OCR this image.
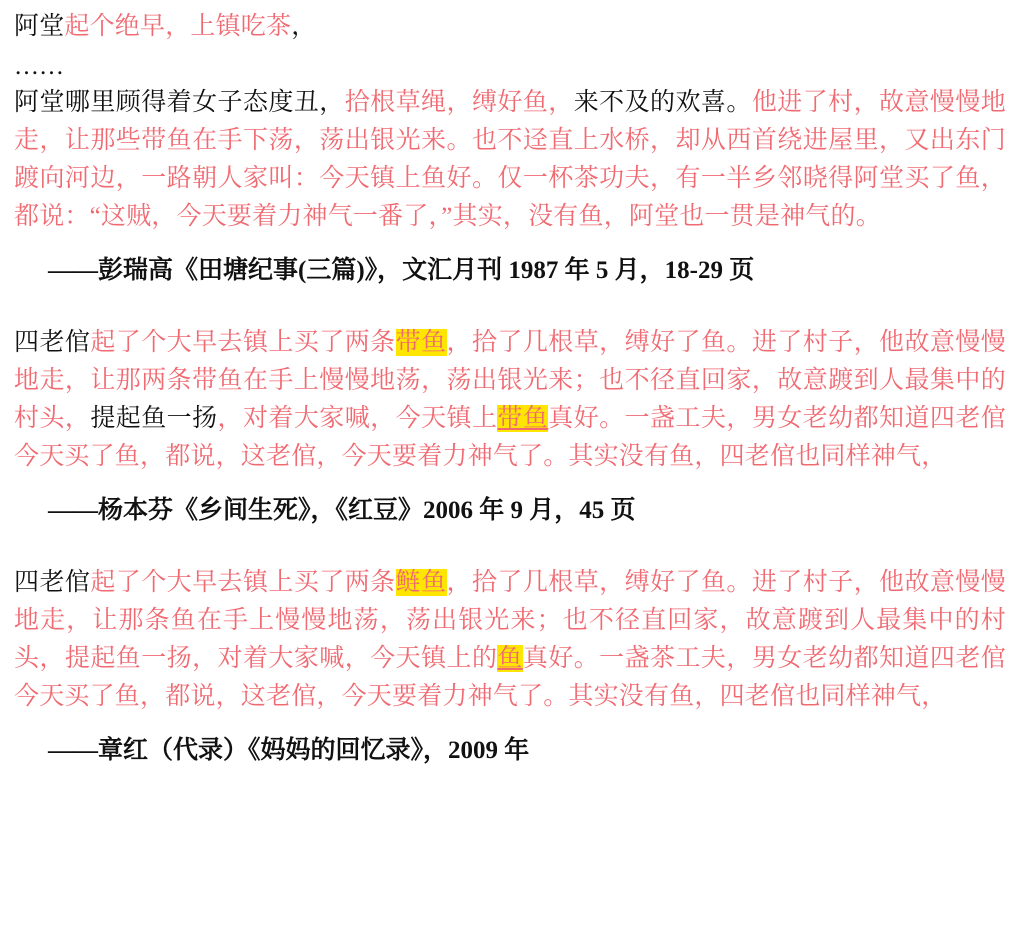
阿堂起个绝早，上镇吃茶，

……

阿堂哪里顾得着女子态度丑，拾根草绳，缚好鱼，来不及的欢喜。他进了村，故意慢慢地走，让那些带鱼在手下荡，荡出银光来。也不迳直上水桥，却从西首绕进屋里，又出东门踱向河边，一路朝人家叫：今天镇上鱼好。仅一杯茶功夫，有一半乡邻晓得阿堂买了鱼，都说：“这贼，今天要着力神气一番了，”其实，没有鱼，阿堂也一贯是神气的。

——彭瑞高《田塘纪事(三篇)》，文汇月刊 1987 年 5 月，18-29 页

四老倌起了个大早去镇上买了两条带鱼，拾了几根草，缚好了鱼。进了村子，他故意慢慢地走，让那两条带鱼在手上慢慢地荡，荡出银光来；也不径直回家，故意踱到人最集中的村头，提起鱼一扬，对着大家喊，今天镇上带鱼真好。一盏工夫，男女老幼都知道四老倌今天买了鱼，都说，这老倌，今天要着力神气了。其实没有鱼，四老倌也同样神气，

——杨本芬《乡间生死》，《红豆》2006 年 9 月，45 页

四老倌起了个大早去镇上买了两条鲢鱼，拾了几根草，缚好了鱼。进了村子，他故意慢慢地走，让那条鱼在手上慢慢地荡，荡出银光来；也不径直回家，故意踱到人最集中的村头，提起鱼一扬，对着大家喊，今天镇上的鱼真好。一盏茶工夫，男女老幼都知道四老倌今天买了鱼，都说，这老倌，今天要着力神气了。其实没有鱼，四老倌也同样神气，

——章红（代录）《妈妈的回忆录》，2009 年
